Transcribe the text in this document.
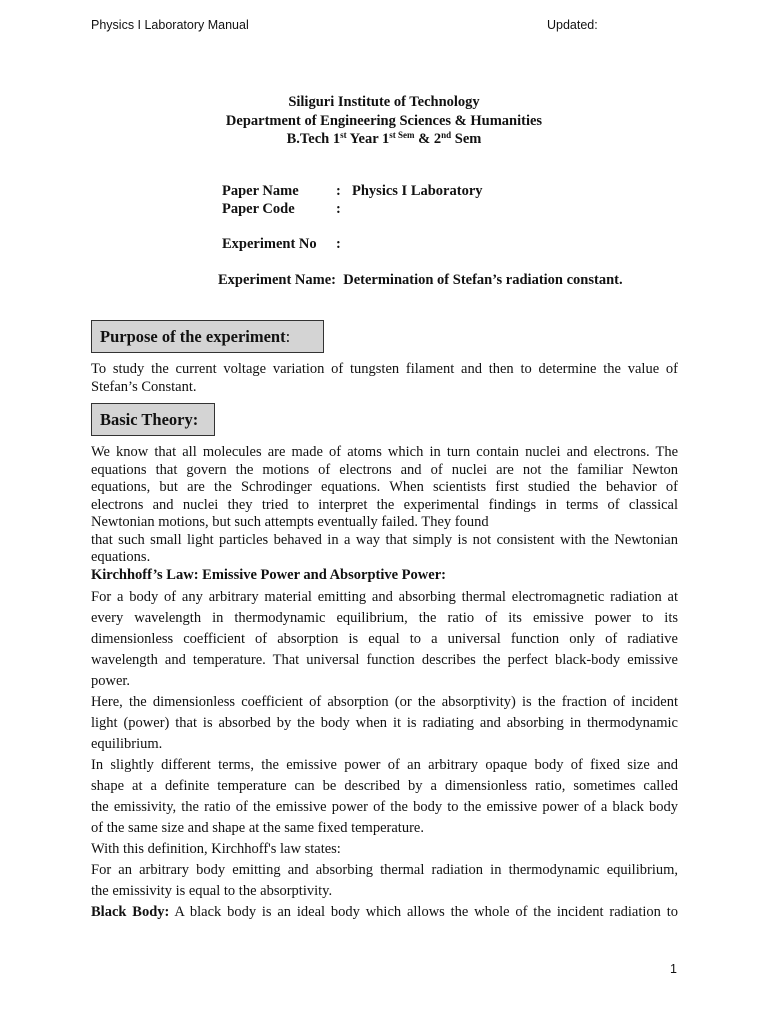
Physics I Laboratory Manual	Updated:
Siliguri Institute of Technology
Department of Engineering Sciences & Humanities
B.Tech 1st Year $1^{st Sem}$ & 2nd Sem
Paper Name	: Physics I Laboratory
Paper Code	:
Experiment No :
Experiment Name: Determination of Stefan’s radiation constant.
Purpose of the experiment :
To study the current voltage variation of tungsten filament and then to determine the value of
Stefan’s Constant.
Basic Theory:
We know that all molecules are made of atoms which in turn contain nuclei and electrons. The
equations that govern the motions of electrons and of nuclei are not the familiar Newton
equations, but are the Schrodinger equations. When scientists first studied the behavior of
electrons and nuclei they tried to interpret the experimental findings in terms of classical
Newtonian motions, but such attempts eventually failed. They found
that such small light particles behaved in a way that simply is not consistent with the Newtonian
equations.
Kirchhoff’s Law: Emissive Power and Absorptive Power:
For a body of any arbitrary material emitting and absorbing thermal electromagnetic radiation at
every wavelength in thermodynamic equilibrium, the ratio of its emissive power to its
dimensionless coefficient of absorption is equal to a universal function only of radiative
wavelength and temperature. That universal function describes the perfect black-body emissive
power.
Here, the dimensionless coefficient of absorption (or the absorptivity) is the fraction of incident
light (power) that is absorbed by the body when it is radiating and absorbing in thermodynamic
equilibrium.
In slightly different terms, the emissive power of an arbitrary opaque body of fixed size and
shape at a definite temperature can be described by a dimensionless ratio, sometimes called
the emissivity, the ratio of the emissive power of the body to the emissive power of a black body
of the same size and shape at the same fixed temperature.
With this definition, Kirchhoff's law states:
For an arbitrary body emitting and absorbing thermal radiation in thermodynamic equilibrium,
the emissivity is equal to the absorptivity.
Black Body: A black body is an ideal body which allows the whole of the incident radiation to
1
